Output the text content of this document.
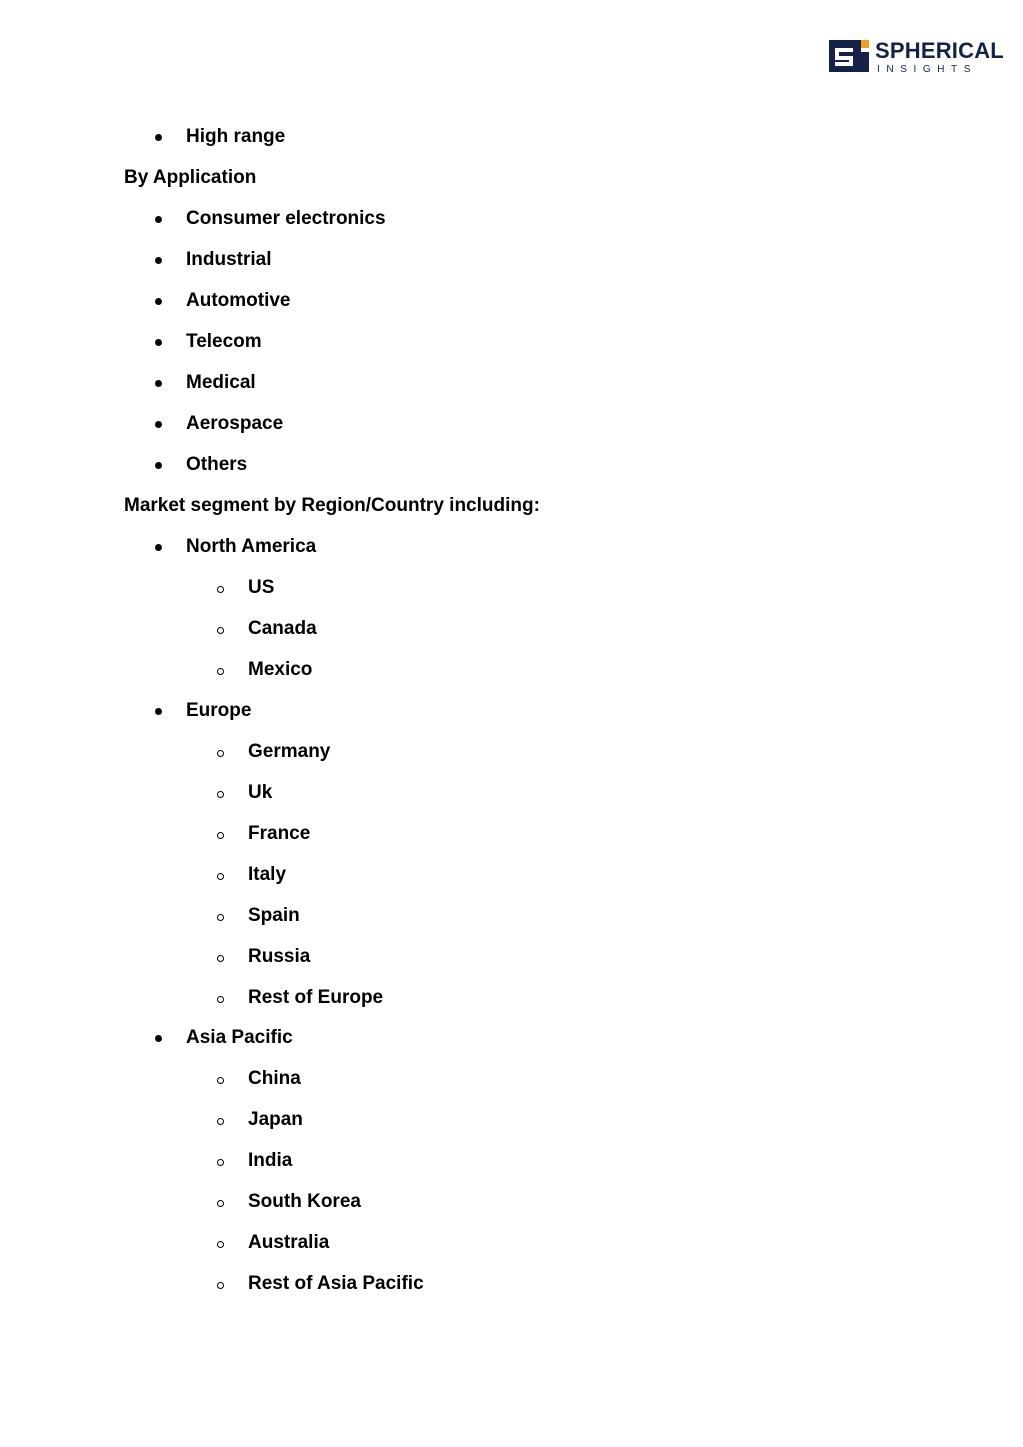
SPHERICAL
INSIGHTS
High range
By Application
Consumer electronics
Industrial
Automotive
Telecom
Medical
Aerospace
Others
Market segment by Region/Country including:
North America
US
Canada
Mexico
Europe
Germany
Uk
France
Italy
Spain
Russia
Rest of Europe
Asia Pacific
China
Japan
India
South Korea
Australia
Rest of Asia Pacific
